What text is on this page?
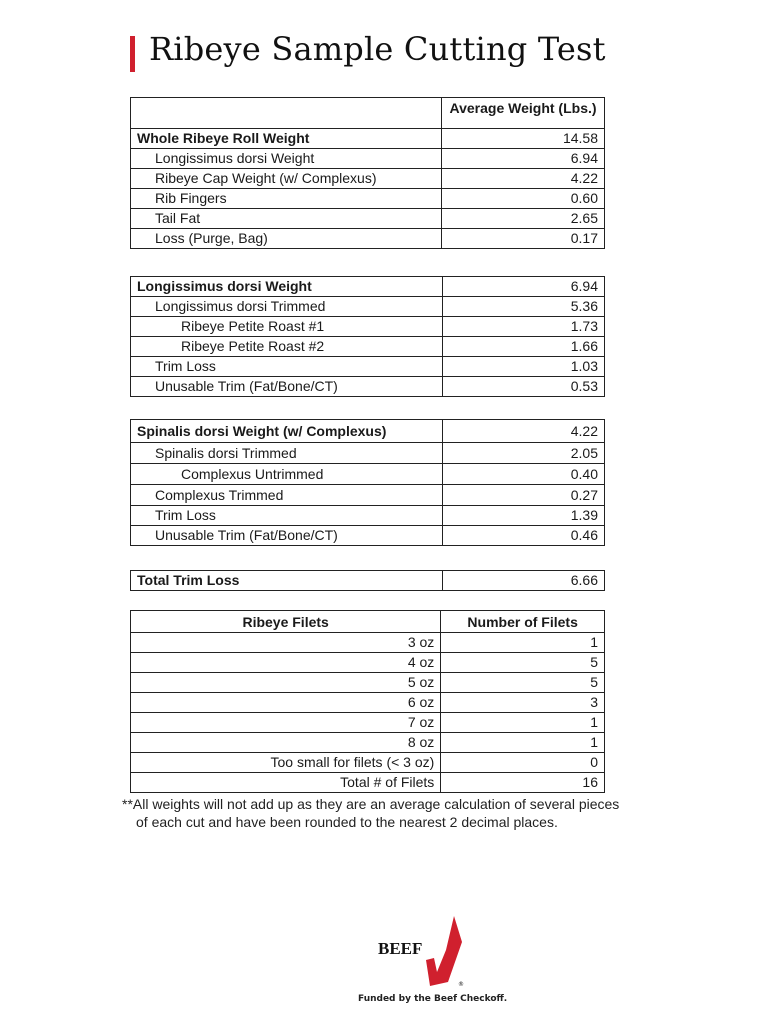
Ribeye Sample Cutting Test
	Average Weight (Lbs.)
Whole Ribeye Roll Weight	14.58
Longissimus dorsi Weight	6.94
Ribeye Cap Weight (w/ Complexus)	4.22
Rib Fingers	0.60
Tail Fat	2.65
Loss (Purge, Bag)	0.17
Longissimus dorsi Weight	6.94
Longissimus dorsi Trimmed	5.36
Ribeye Petite Roast #1	1.73
Ribeye Petite Roast #2	1.66
Trim Loss	1.03
Unusable Trim (Fat/Bone/CT)	0.53
Spinalis dorsi Weight (w/ Complexus)	4.22
Spinalis dorsi Trimmed	2.05
Complexus Untrimmed	0.40
Complexus Trimmed	0.27
Trim Loss	1.39
Unusable Trim (Fat/Bone/CT)	0.46
Total Trim Loss	6.66
Ribeye Filets	Number of Filets
3 oz	1
4 oz	5
5 oz	5
6 oz	3
7 oz	1
8 oz	1
Too small for filets (< 3 oz)	0
Total # of Filets	16
**All weights will not add up as they are an average calculation of several pieces
of each cut and have been rounded to the nearest 2 decimal places.
BEEF
®
Funded by the Beef Checkoff.
